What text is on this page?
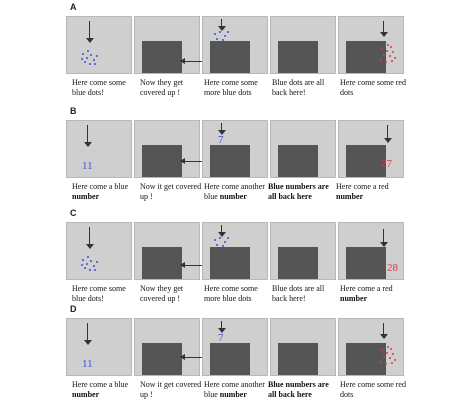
A
Here come some blue dots!
Now they get covered up !
Here come some more blue dots
Blue dots are all back here!
Here come some red dots
B
11
7
27
Here come a blue number
Now it get covered up !
Here come another blue number
Blue numbers are all back here
Here come a red number
C
28
Here come some blue dots!
Now they get covered up !
Here come some more blue dots
Blue dots are all back here!
Here come a red number
D
11
7
Here come a blue number
Now it get covered up !
Here come another blue number
Blue numbers are all back here
Here come some red dots
